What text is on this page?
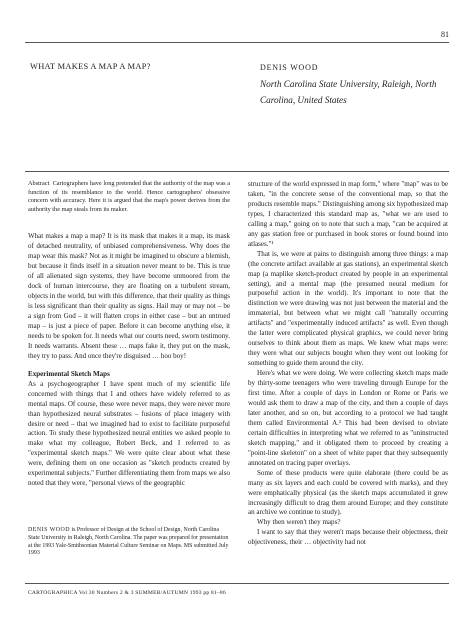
81
WHAT MAKES A MAP A MAP?	DENIS WOOD
North Carolina State University, Raleigh, North Carolina, United States
Abstract Cartographers have long pretended that the authority of the map was a function of its resemblance to the world. Hence cartographers' obsessive concern with accuracy. Here it is argued that the map's power derives from the authority the map steals from its maker.

What makes a map a map? It is its mask that makes it a map, its mask of detached neutrality, of unbiased comprehensiveness. Why does the map wear this mask? Not as it might be imagined to obscure a blemish, but because it finds itself in a situation never meant to be. This is true of all alienated sign systems, they have become unmoored from the dock of human intercourse, they are floating on a turbulent stream, objects in the world, but with this difference, that their quality as things is less significant than their quality as signs. Hail may or may not – be a sign from God – it will flatten crops in either case – but an untrued map – is just a piece of paper. Before it can become anything else, it needs to be spoken for. It needs what our courts need, sworn testimony. It needs warrants. Absent these … maps fake it, they put on the mask, they try to pass. And once they're disguised … hoo boy!

Experimental Sketch Maps

As a psychogeographer I have spent much of my scientific life concerned with things that I and others have widely referred to as mental maps. Of course, these were never maps, they were never more than hypothesized neural substrates – fusions of place imagery with desire or need – that we imagined had to exist to facilitate purposeful action. To study these hypothesized neural entities we asked people to make what my colleague, Robert Beck, and I referred to as "experimental sketch maps." We were quite clear about what these were, defining them on one occasion as "sketch products created by experimental subjects." Further differentiating them from maps we also noted that they were, "personal views of the geographic

DENIS WOOD is Professor of Design at the School of Design, North Carolina State University in Raleigh, North Carolina. The paper was prepared for presentation at the 1993 Yale-Smithsonian Material Culture Seminar on Maps. MS submitted July 1993

structure of the world expressed in map form," where "map" was to be taken, "in the concrete sense of the conventional map, so that the products resemble maps." Distinguishing among six hypothesized map types, I characterized this standard map as, "what we are used to calling a map," going on to note that such a map, "can be acquired at any gas station free or purchased in book stores or found bound into atlases."¹

That is, we were at pains to distinguish among three things: a map (the concrete artifact available at gas stations), an experimental sketch map (a maplike sketch-product created by people in an experimental setting), and a mental map (the presumed neural medium for purposeful action in the world). It's important to note that the distinction we were drawing was not just between the material and the immaterial, but between what we might call "naturally occurring artifacts" and "experimentally induced artifacts" as well. Even though the latter were complicated physical graphics, we could never bring ourselves to think about them as maps. We knew what maps were: they were what our subjects bought when they went out looking for something to guide them around the city.

Here's what we were doing. We were collecting sketch maps made by thirty-some teenagers who were traveling through Europe for the first time. After a couple of days in London or Rome or Paris we would ask them to draw a map of the city, and then a couple of days later another, and so on, but according to a protocol we had taught them called Environmental A.² This had been devised to obviate certain difficulties in interpreting what we referred to as "uninstructed sketch mapping," and it obligated them to proceed by creating a "point-line skeleton" on a sheet of white paper that they subsequently annotated on tracing paper overlays.

Some of these products were quite elaborate (there could be as many as six layers and each could be covered with marks), and they were emphatically physical (as the sketch maps accumulated it grew increasingly difficult to drag them around Europe; and they constitute an archive we continue to study).

Why then weren't they maps?

I want to say that they weren't maps because their objectness, their objectiveness, their … objectivity had not

CARTOGRAPHICA Vol 30 Numbers 2 & 3 SUMMER/AUTUMN 1993 pp 81–86
